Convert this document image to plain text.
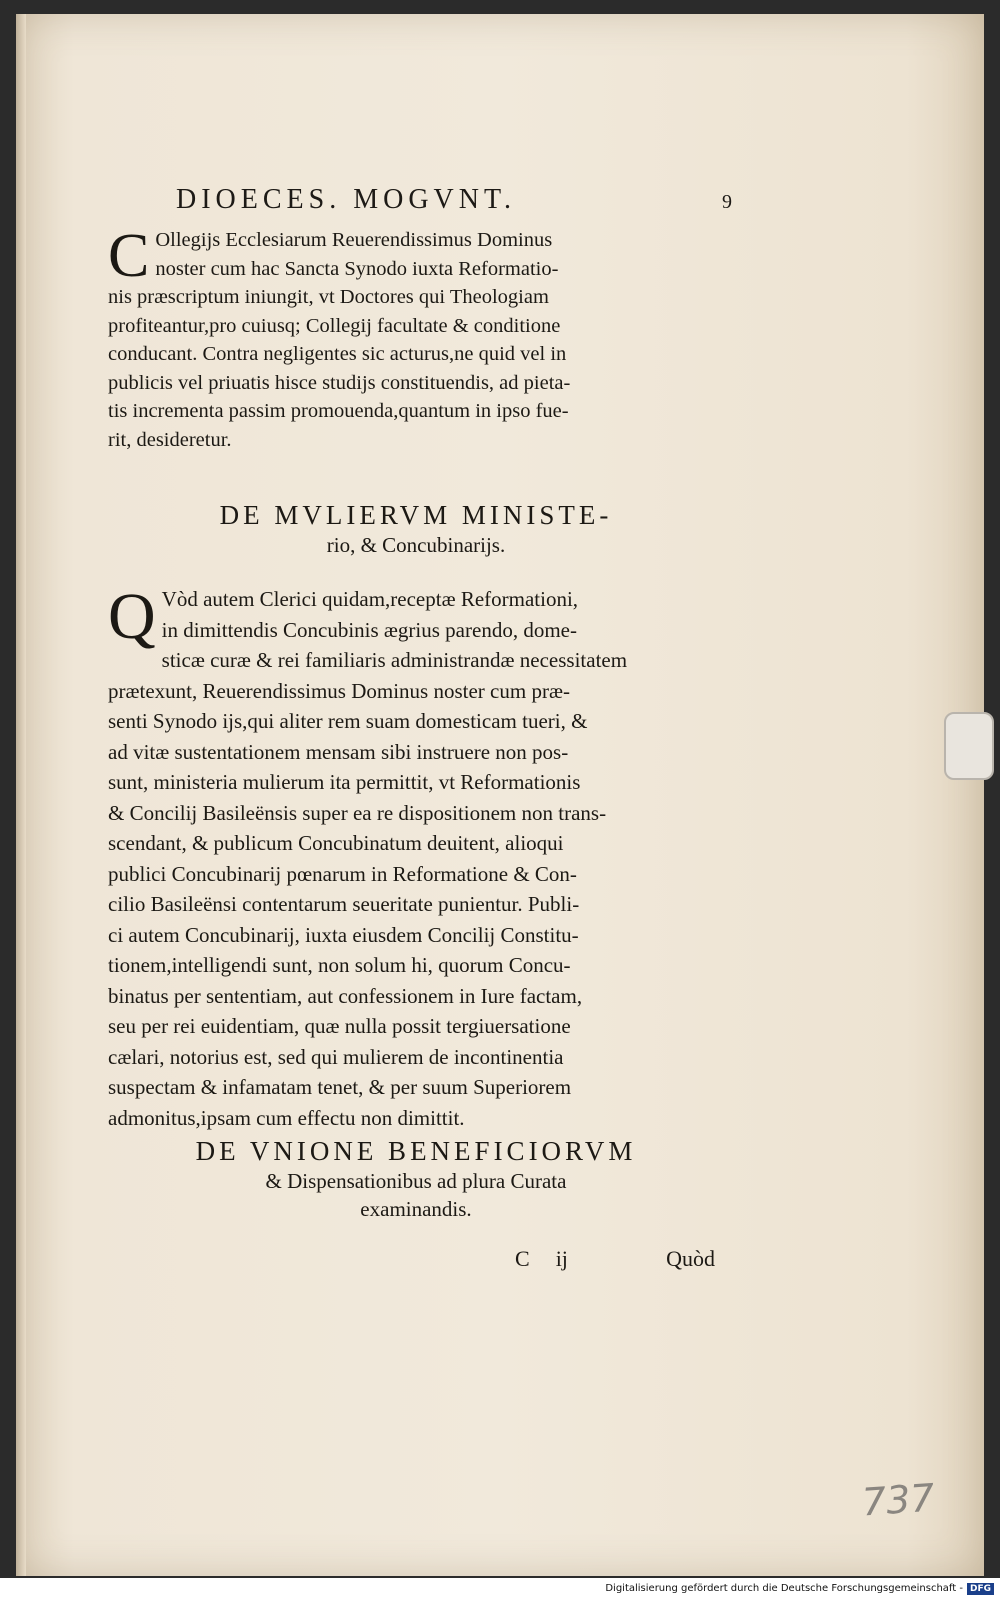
DIOECES. MOGVNT.	9
C Ollegijs Ecclesiarum Reuerendissimus Dominus
noster cum hac Sancta Synodo iuxta Reformatio-
nis præscriptum iniungit, vt Doctores qui Theologiam
profiteantur,pro cuiusq; Collegij facultate & conditione
conducant. Contra negligentes sic acturus,ne quid vel in
publicis vel priuatis hisce studijs constituendis, ad pieta-
tis incrementa passim promouenda,quantum in ipso fue-
rit, desideretur.
DE MVLIERVM MINISTE-
rio, & Concubinarijs.
Q Vòd autem Clerici quidam,receptæ Reformationi,
in dimittendis Concubinis ægrius parendo, dome-
sticæ curæ & rei familiaris administrandæ necessitatem
prætexunt, Reuerendissimus Dominus noster cum præ-
senti Synodo ijs,qui aliter rem suam domesticam tueri, &
ad vitæ sustentationem mensam sibi instruere non pos-
sunt, ministeria mulierum ita permittit, vt Reformationis
& Concilij Basileënsis super ea re dispositionem non trans-
scendant, & publicum Concubinatum deuitent, alioqui
publici Concubinarij pœnarum in Reformatione & Con-
cilio Basileënsi contentarum seueritate punientur. Publi-
ci autem Concubinarij, iuxta eiusdem Concilij Constitu-
tionem,intelligendi sunt, non solum hi, quorum Concu-
binatus per sententiam, aut confessionem in Iure factam,
seu per rei euidentiam, quæ nulla possit tergiuersatione
cælari, notorius est, sed qui mulierem de incontinentia
suspectam & infamatam tenet, & per suum Superiorem
admonitus,ipsam cum effectu non dimittit.
DE VNIONE BENEFICIORVM
& Dispensationibus ad plura Curata
examinandis.
C ij	Quòd
737
Digitalisierung gefördert durch die Deutsche Forschungsgemeinschaft - DFG
